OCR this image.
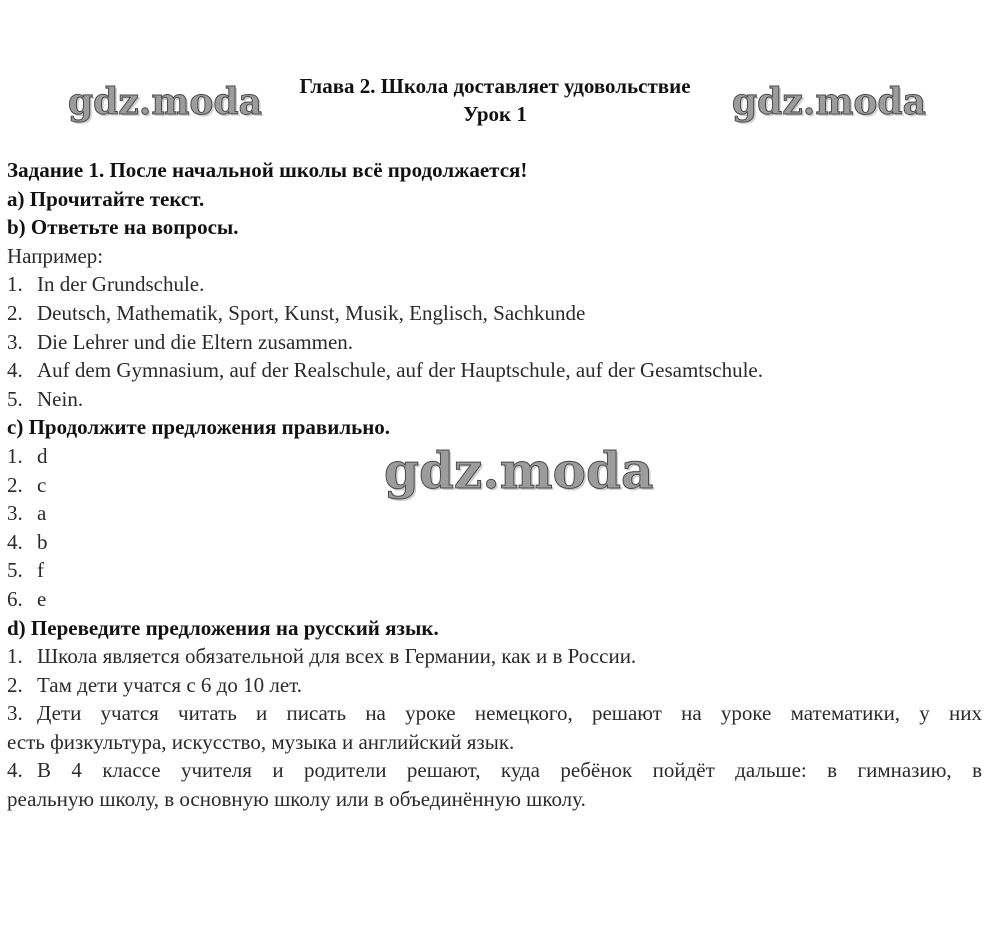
gdz.moda	gdz.moda
Глава 2. Школа доставляет удовольствие
Урок 1
Задание 1. После начальной школы всё продолжается!
a) Прочитайте текст.
b) Ответьте на вопросы.
Например:
1. In der Grundschule.
2. Deutsch, Mathematik, Sport, Kunst, Musik, Englisch, Sachkunde
3. Die Lehrer und die Eltern zusammen.
4. Auf dem Gymnasium, auf der Realschule, auf der Hauptschule, auf der Gesamtschule.
5. Nein.
c) Продолжите предложения правильно.
1. d
2. c
3. a
4. b
5. f
6. e
d) Переведите предложения на русский язык.
1. Школа является обязательной для всех в Германии, как и в России.
2. Там дети учатся с 6 до 10 лет.
3. Дети учатся читать и писать на уроке немецкого, решают на уроке математики, у них
есть физкультура, искусство, музыка и английский язык.
4. В 4 классе учителя и родители решают, куда ребёнок пойдёт дальше: в гимназию, в
реальную школу, в основную школу или в объединённую школу.
gdz.moda
